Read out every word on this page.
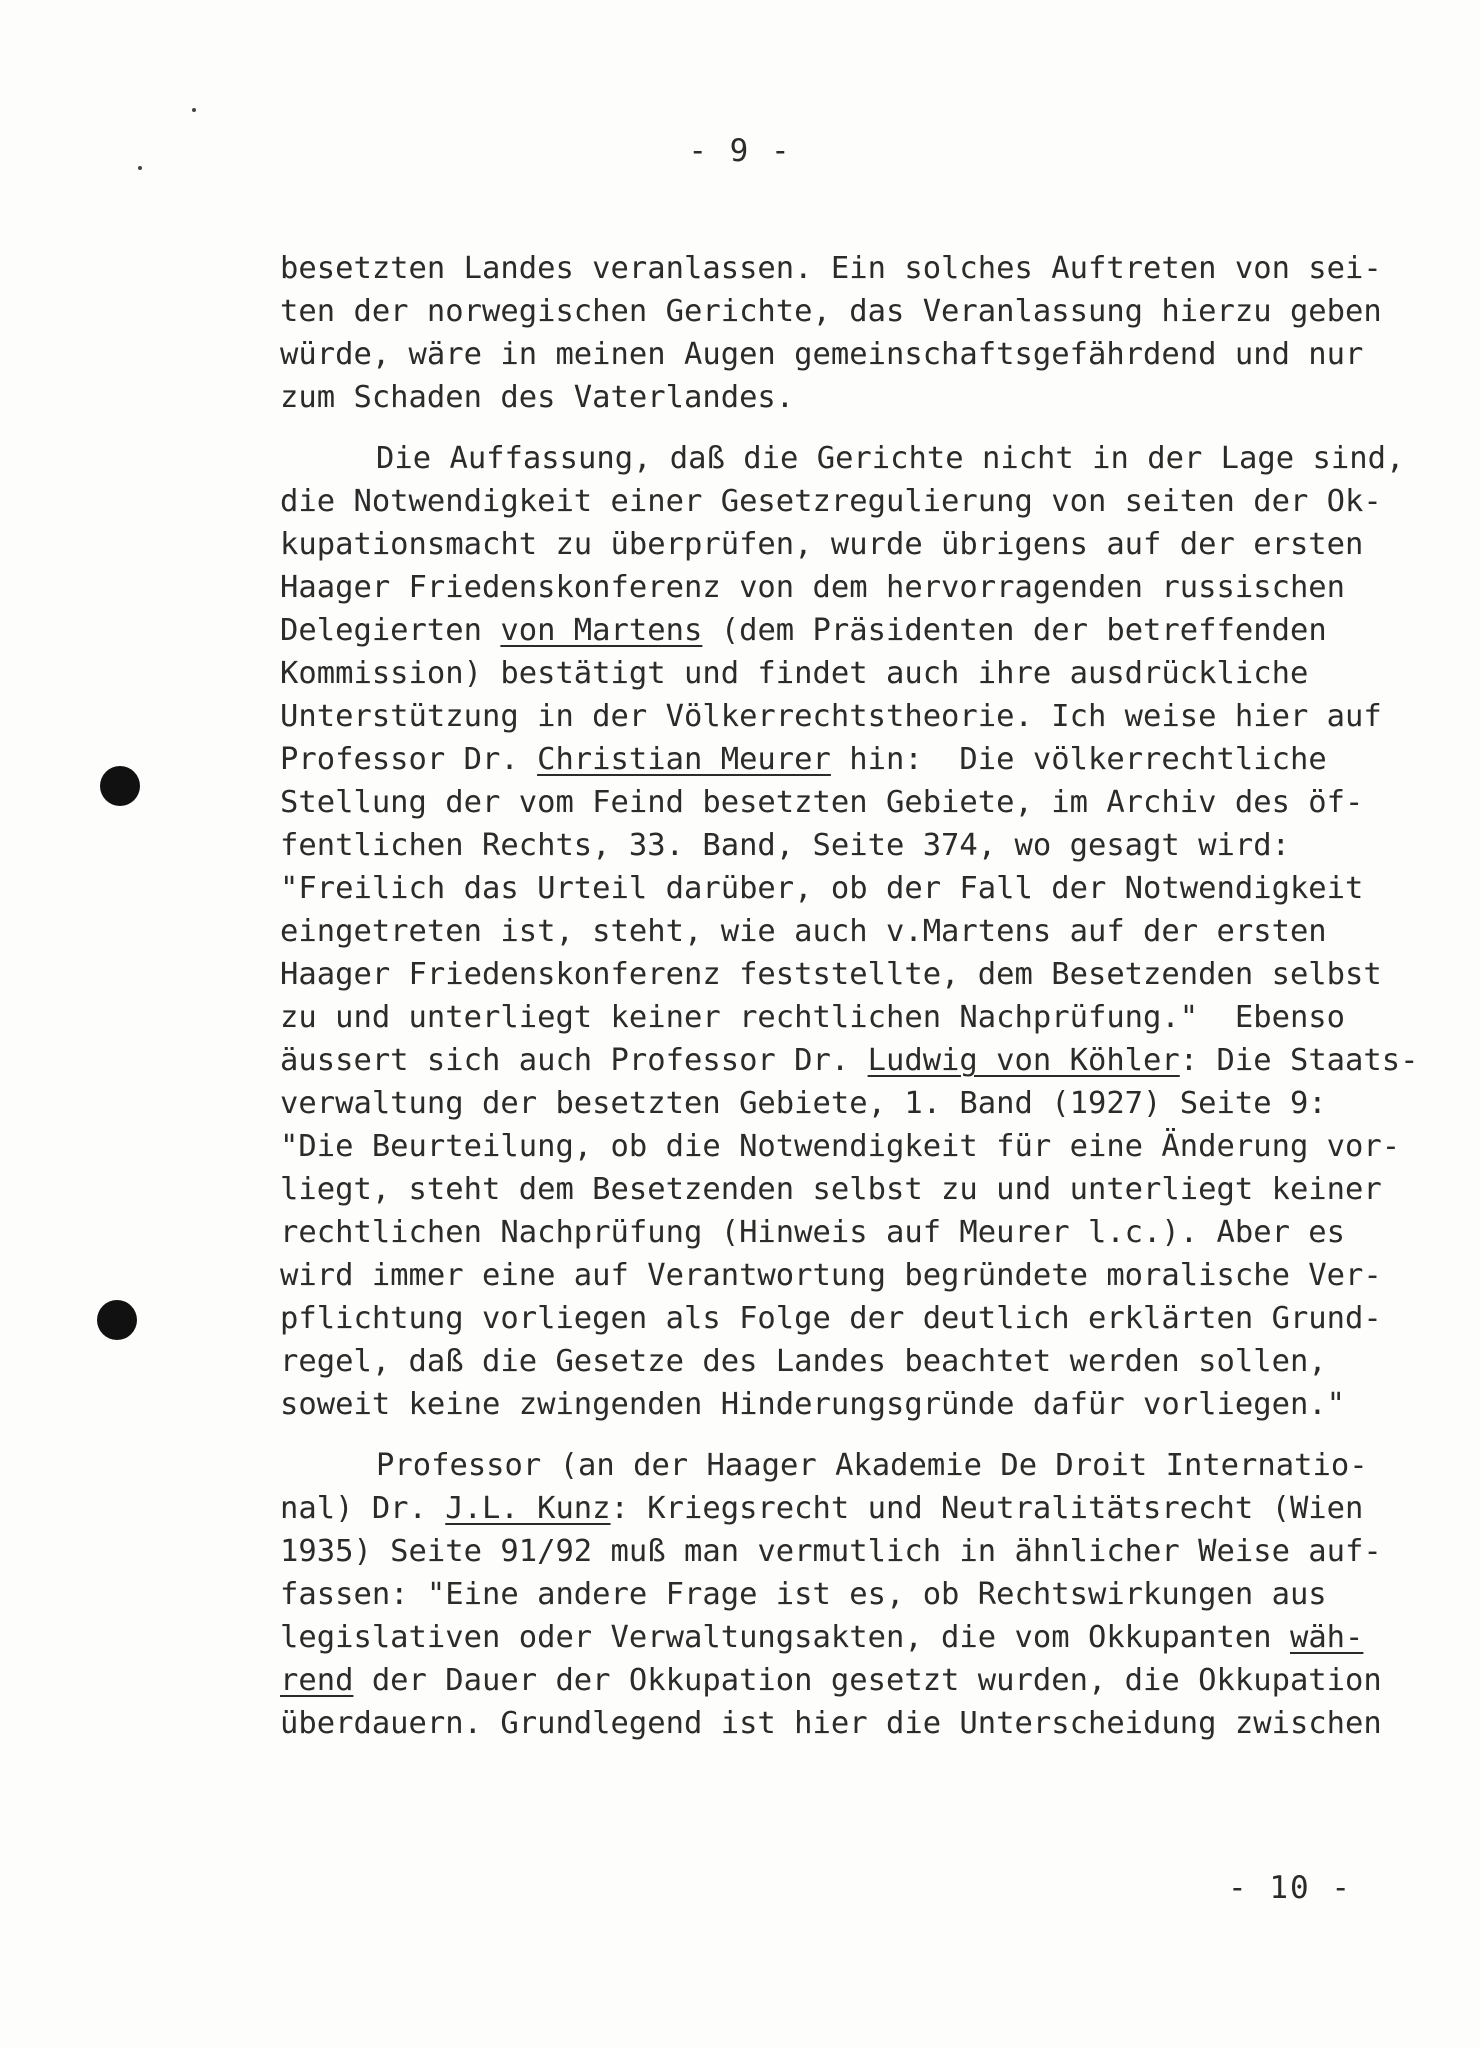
- 9 -
besetzten Landes veranlassen. Ein solches Auftreten von sei-
ten der norwegischen Gerichte, das Veranlassung hierzu geben
würde, wäre in meinen Augen gemeinschaftsgefährdend und nur
zum Schaden des Vaterlandes.
Die Auffassung, daß die Gerichte nicht in der Lage sind,
die Notwendigkeit einer Gesetzregulierung von seiten der Ok-
kupationsmacht zu überprüfen, wurde übrigens auf der ersten
Haager Friedenskonferenz von dem hervorragenden russischen
Delegierten von Martens (dem Präsidenten der betreffenden
Kommission) bestätigt und findet auch ihre ausdrückliche
Unterstützung in der Völkerrechtstheorie. Ich weise hier auf
Professor Dr. Christian Meurer hin:  Die völkerrechtliche
Stellung der vom Feind besetzten Gebiete, im Archiv des öf-
fentlichen Rechts, 33. Band, Seite 374, wo gesagt wird:
"Freilich das Urteil darüber, ob der Fall der Notwendigkeit
eingetreten ist, steht, wie auch v.Martens auf der ersten
Haager Friedenskonferenz feststellte, dem Besetzenden selbst
zu und unterliegt keiner rechtlichen Nachprüfung."  Ebenso
äussert sich auch Professor Dr. Ludwig von Köhler: Die Staats-
verwaltung der besetzten Gebiete, 1. Band (1927) Seite 9:
"Die Beurteilung, ob die Notwendigkeit für eine Änderung vor-
liegt, steht dem Besetzenden selbst zu und unterliegt keiner
rechtlichen Nachprüfung (Hinweis auf Meurer l.c.). Aber es
wird immer eine auf Verantwortung begründete moralische Ver-
pflichtung vorliegen als Folge der deutlich erklärten Grund-
regel, daß die Gesetze des Landes beachtet werden sollen,
soweit keine zwingenden Hinderungsgründe dafür vorliegen."
Professor (an der Haager Akademie De Droit Internatio-
nal) Dr. J.L. Kunz: Kriegsrecht und Neutralitätsrecht (Wien
1935) Seite 91/92 muß man vermutlich in ähnlicher Weise auf-
fassen: "Eine andere Frage ist es, ob Rechtswirkungen aus
legislativen oder Verwaltungsakten, die vom Okkupanten wäh-
rend der Dauer der Okkupation gesetzt wurden, die Okkupation
überdauern. Grundlegend ist hier die Unterscheidung zwischen
- 10 -
